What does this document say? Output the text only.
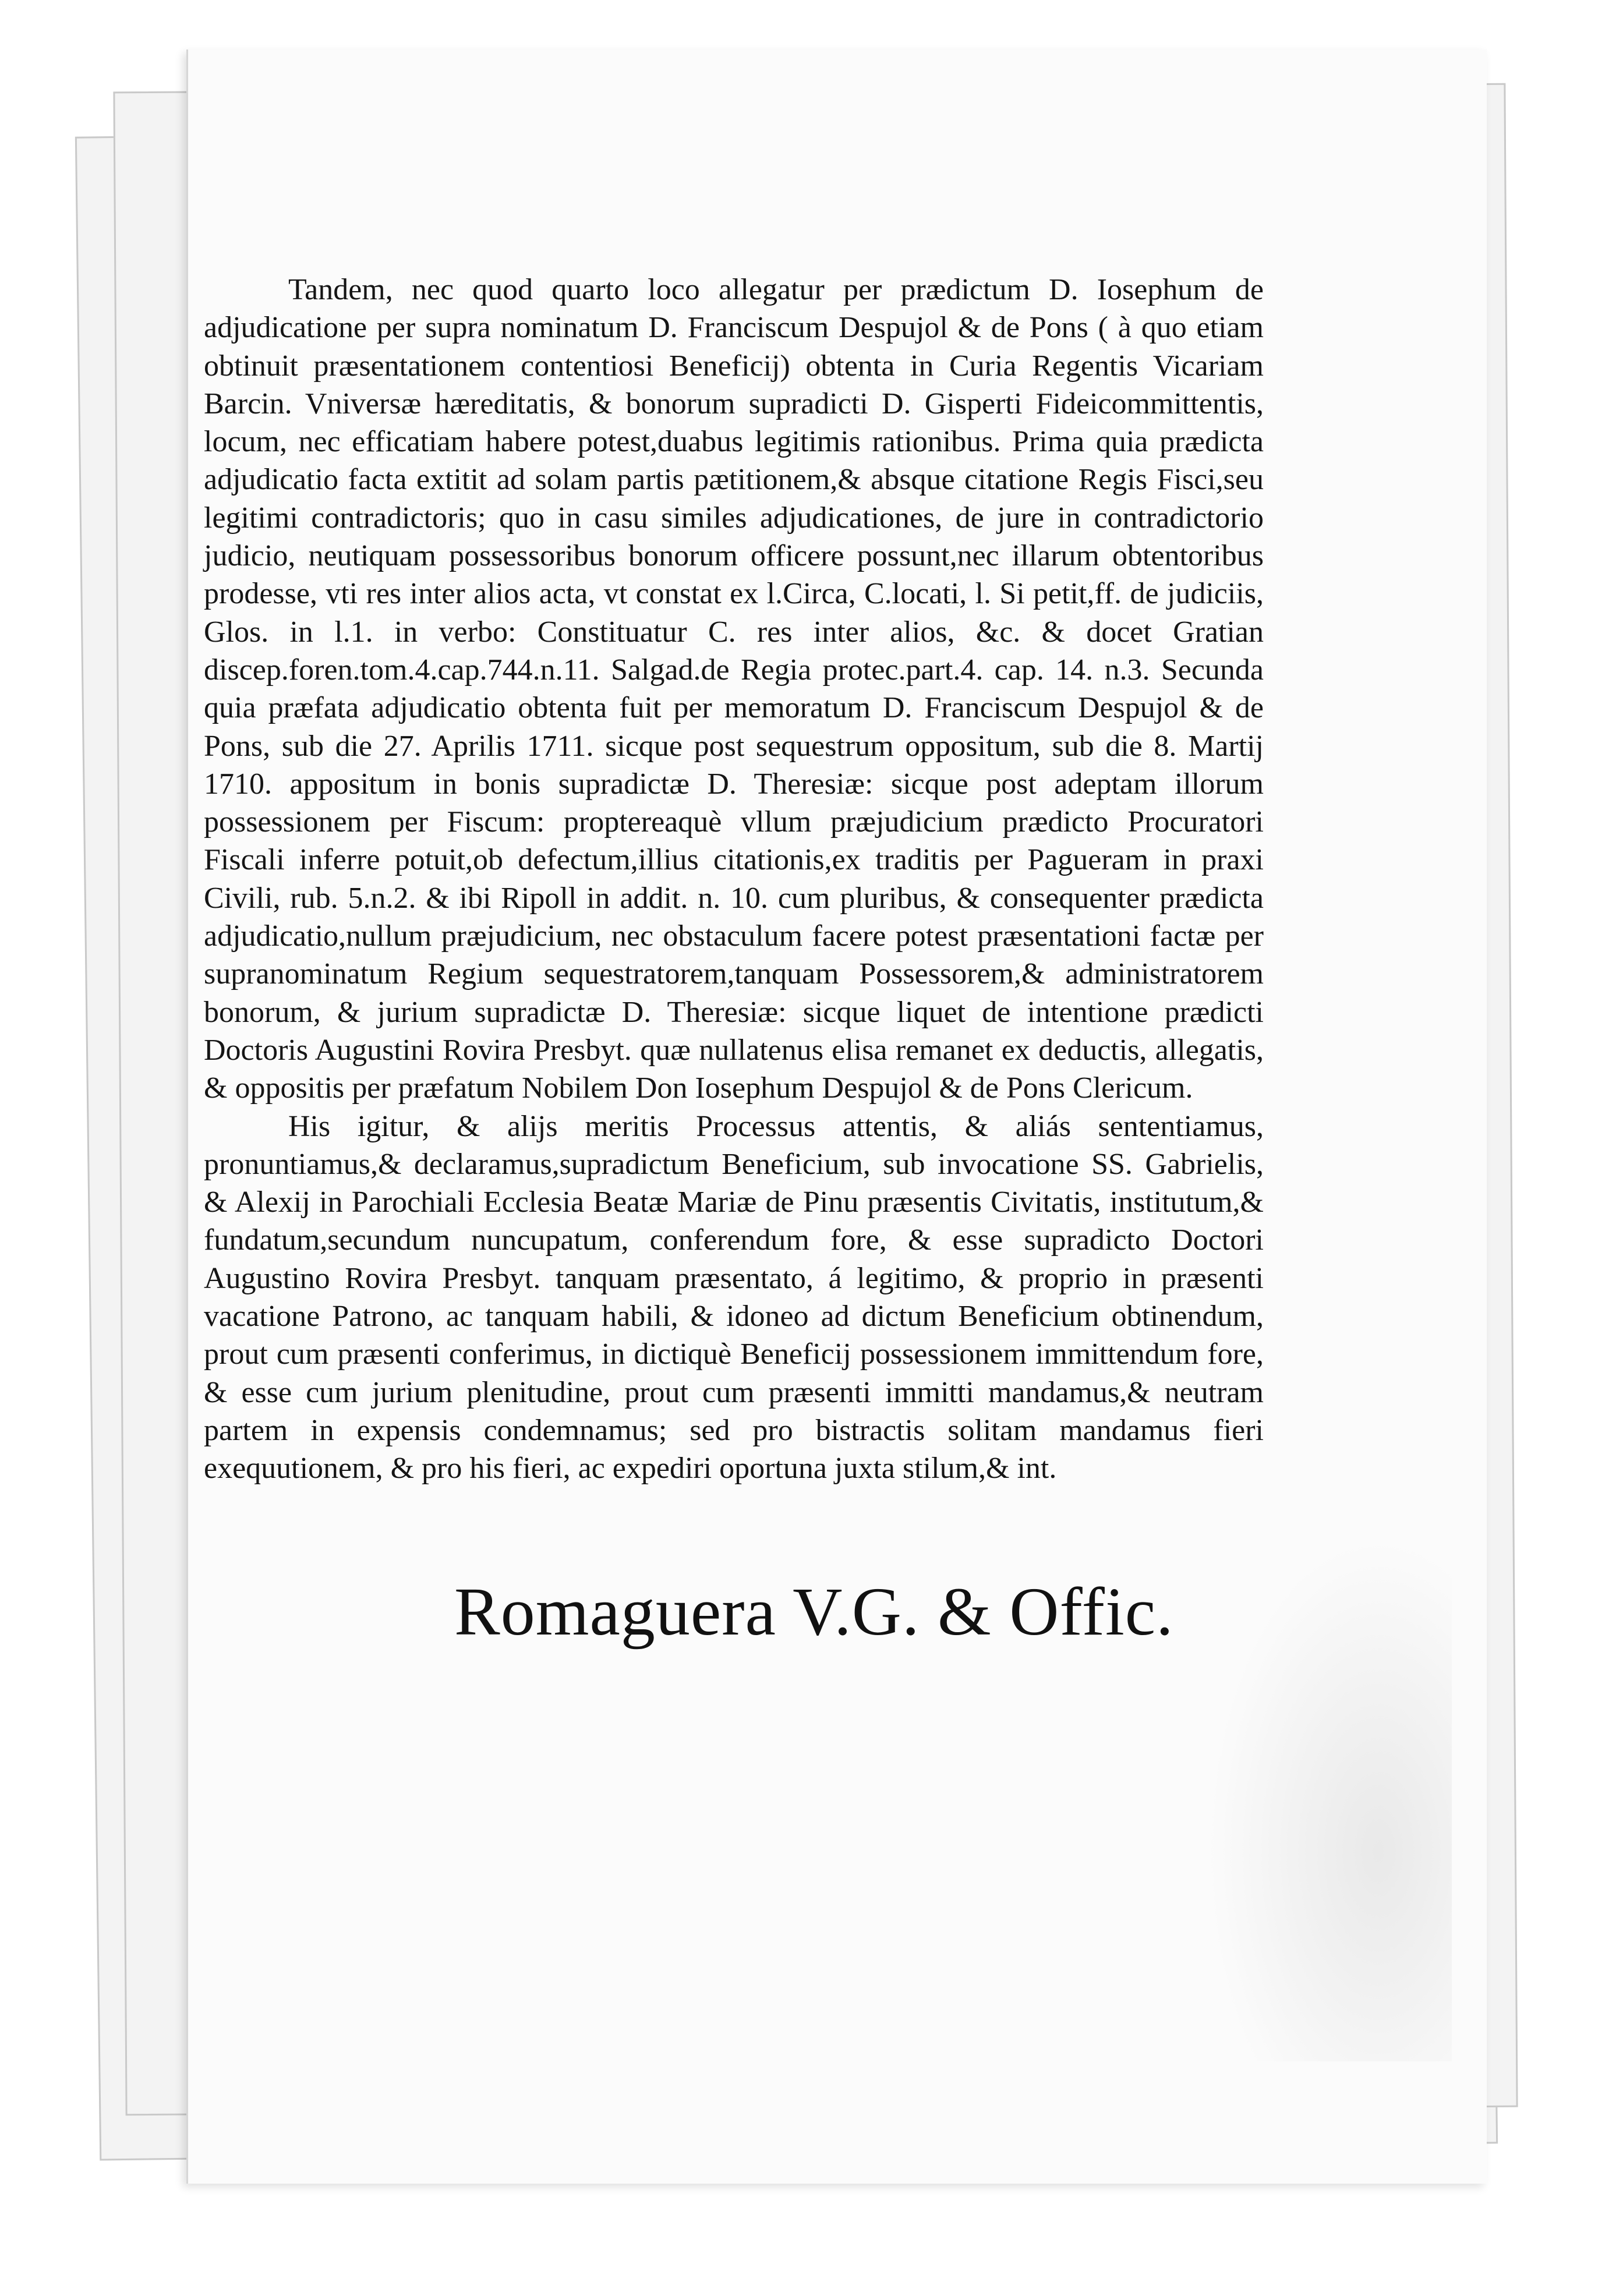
Tandem, nec quod quarto loco allegatur per prædictum D. Iosephum de adjudicatione per supra nominatum D. Franciscum Despujol & de Pons ( à quo etiam obtinuit præsentationem contentiosi Beneficij) obtenta in Curia Regentis Vicariam Barcin. Vniversæ hæreditatis, & bonorum supradicti D. Gisperti Fideicommittentis, locum, nec efficatiam habere potest,duabus legitimis rationibus. Prima quia prædicta adjudicatio facta extitit ad solam partis pætitionem,& absque citatione Regis Fisci,seu legitimi contradictoris; quo in casu similes adjudicationes, de jure in contradictorio judicio, neutiquam possessoribus bonorum officere possunt,nec illarum obtentoribus prodesse, vti res inter alios acta, vt constat ex l.Circa, C.locati, l. Si petit,ff. de judiciis, Glos. in l.1. in verbo: Constituatur C. res inter alios, &c. & docet Gratian discep.foren.tom.4.cap.744.n.11. Salgad.de Regia protec.part.4. cap. 14. n.3. Secunda quia præfata adjudicatio obtenta fuit per memoratum D. Franciscum Despujol & de Pons, sub die 27. Aprilis 1711. sicque post sequestrum oppositum, sub die 8. Martij 1710. appositum in bonis supradictæ D. Theresiæ: sicque post adeptam illorum possessionem per Fiscum: proptereaquè vllum præjudicium prædicto Procuratori Fiscali inferre potuit,ob defectum,illius citationis,ex traditis per Pagueram in praxi Civili, rub. 5.n.2. & ibi Ripoll in addit. n. 10. cum pluribus, & consequenter prædicta adjudicatio,nullum præjudicium, nec obstaculum facere potest præsentationi factæ per supranominatum Regium sequestratorem,tanquam Possessorem,& administratorem bonorum, & jurium supradictæ D. Theresiæ: sicque liquet de intentione prædicti Doctoris Augustini Rovira Presbyt. quæ nullatenus elisa remanet ex deductis, allegatis, & oppositis per præfatum Nobilem Don Iosephum Despujol & de Pons Clericum.

His igitur, & alijs meritis Processus attentis, & aliás sententiamus, pronuntiamus,& declaramus,supradictum Beneficium, sub invocatione SS. Gabrielis, & Alexij in Parochiali Ecclesia Beatæ Mariæ de Pinu præsentis Civitatis, institutum,& fundatum,secundum nuncupatum, conferendum fore, & esse supradicto Doctori Augustino Rovira Presbyt. tanquam præsentato, á legitimo, & proprio in præsenti vacatione Patrono, ac tanquam habili, & idoneo ad dictum Beneficium obtinendum, prout cum præsenti conferimus, in dictiquè Beneficij possessionem immittendum fore, & esse cum jurium plenitudine, prout cum præsenti immitti mandamus,& neutram partem in expensis condemnamus; sed pro bistractis solitam mandamus fieri exequutionem, & pro his fieri, ac expediri oportuna juxta stilum,& int.

Romaguera V.G. & Offic.
